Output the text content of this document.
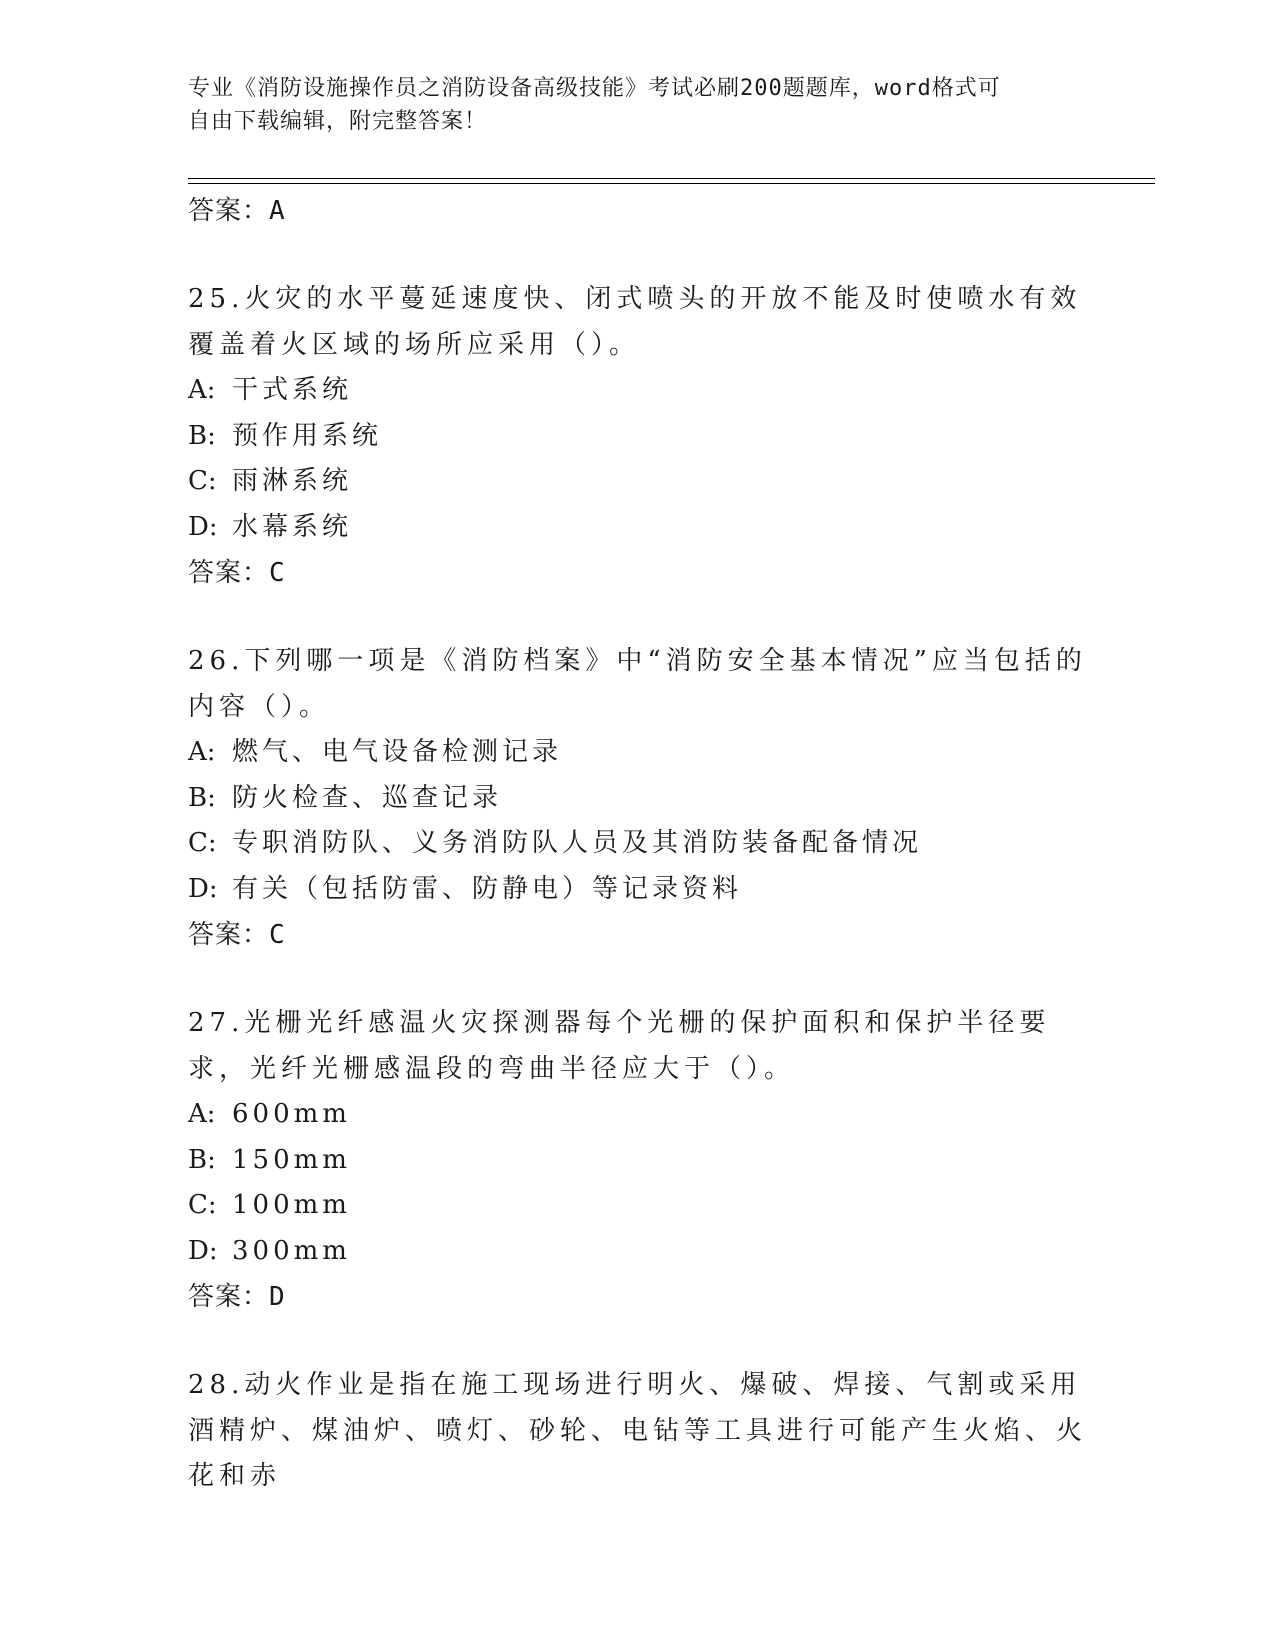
专业《消防设施操作员之消防设备高级技能》考试必刷200题题库，word格式可
自由下载编辑，附完整答案！

答案：A

25.火灾的水平蔓延速度快、闭式喷头的开放不能及时使喷水有效覆盖着火区域的场所应采用（）。

A: 干式系统

B: 预作用系统

C: 雨淋系统

D: 水幕系统

答案：C

26.下列哪一项是《消防档案》中“消防安全基本情况”应当包括的内容（）。

A: 燃气、电气设备检测记录

B: 防火检查、巡查记录

C: 专职消防队、义务消防队人员及其消防装备配备情况

D: 有关（包括防雷、防静电）等记录资料

答案：C

27.光栅光纤感温火灾探测器每个光栅的保护面积和保护半径要求，光纤光栅感温段的弯曲半径应大于（）。

A: 600mm

B: 150mm

C: 100mm

D: 300mm

答案：D

28.动火作业是指在施工现场进行明火、爆破、焊接、气割或采用酒精炉、煤油炉、喷灯、砂轮、电钻等工具进行可能产生火焰、火花和赤
